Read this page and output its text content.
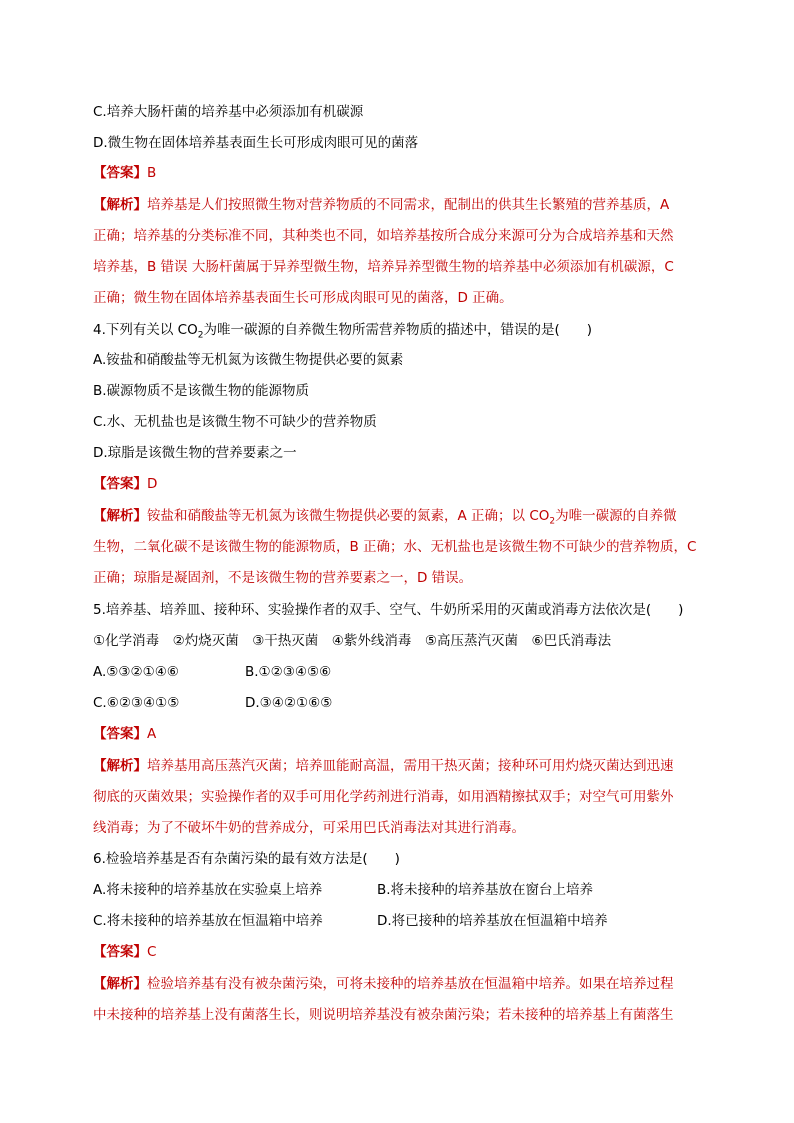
C.培养大肠杆菌的培养基中必须添加有机碳源
D.微生物在固体培养基表面生长可形成肉眼可见的菌落
【答案】B
【解析】培养基是人们按照微生物对营养物质的不同需求，配制出的供其生长繁殖的营养基质，A
正确；培养基的分类标准不同，其种类也不同，如培养基按所合成分来源可分为合成培养基和天然
培养基，B 错误 大肠杆菌属于异养型微生物，培养异养型微生物的培养基中必须添加有机碳源，C
正确；微生物在固体培养基表面生长可形成肉眼可见的菌落，D 正确。
4.下列有关以 $CO_2$为唯一碳源的自养微生物所需营养物质的描述中，错误的是(　　)
A.铵盐和硝酸盐等无机氮为该微生物提供必要的氮素
B.碳源物质不是该微生物的能源物质
C.水、无机盐也是该微生物不可缺少的营养物质
D.琼脂是该微生物的营养要素之一
【答案】D
【解析】铵盐和硝酸盐等无机氮为该微生物提供必要的氮素，A 正确；以 $CO_2$为唯一碳源的自养微
生物，二氧化碳不是该微生物的能源物质，B 正确；水、无机盐也是该微生物不可缺少的营养物质，C
正确；琼脂是凝固剂，不是该微生物的营养要素之一，D 错误。
5.培养基、培养皿、接种环、实验操作者的双手、空气、牛奶所采用的灭菌或消毒方法依次是(　　)
①化学消毒　②灼烧灭菌　③干热灭菌　④紫外线消毒　⑤高压蒸汽灭菌　⑥巴氏消毒法
A.⑤③②①④⑥	B.①②③④⑤⑥
C.⑥②③④①⑤	D.③④②①⑥⑤
【答案】A
【解析】培养基用高压蒸汽灭菌；培养皿能耐高温，需用干热灭菌；接种环可用灼烧灭菌达到迅速
彻底的灭菌效果；实验操作者的双手可用化学药剂进行消毒，如用酒精擦拭双手；对空气可用紫外
线消毒；为了不破坏牛奶的营养成分，可采用巴氏消毒法对其进行消毒。
6.检验培养基是否有杂菌污染的最有效方法是(　　)
A.将未接种的培养基放在实验桌上培养	B.将未接种的培养基放在窗台上培养
C.将未接种的培养基放在恒温箱中培养	D.将已接种的培养基放在恒温箱中培养
【答案】C
【解析】检验培养基有没有被杂菌污染，可将未接种的培养基放在恒温箱中培养。如果在培养过程
中未接种的培养基上没有菌落生长，则说明培养基没有被杂菌污染；若未接种的培养基上有菌落生
